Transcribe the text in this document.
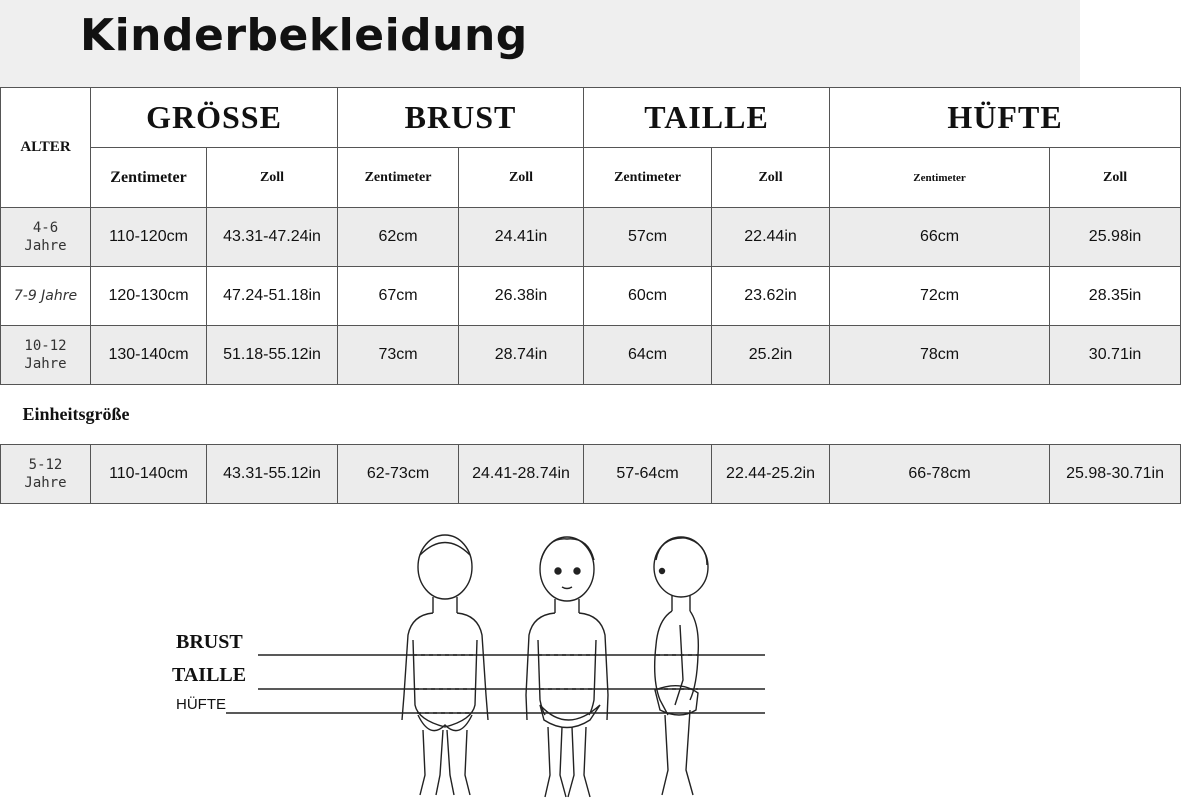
Kinderbekleidung
ALTER	GRÖSSE		BRUST		TAILLE		HÜFTE	
	Zentimeter	Zoll	Zentimeter	Zoll	Zentimeter	Zoll	Zentimeter	Zoll
4-6
Jahre	110-120cm	43.31-47.24in	62cm	24.41in	57cm	22.44in	66cm	25.98in
7-9 Jahre	120-130cm	47.24-51.18in	67cm	26.38in	60cm	23.62in	72cm	28.35in
10-12
Jahre	130-140cm	51.18-55.12in	73cm	28.74in	64cm	25.2in	78cm	30.71in
Einheitsgröße								
5-12
Jahre	110-140cm	43.31-55.12in	62-73cm	24.41-28.74in	57-64cm	22.44-25.2in	66-78cm	25.98-30.71in
BRUST
TAILLE
HÜFTE
